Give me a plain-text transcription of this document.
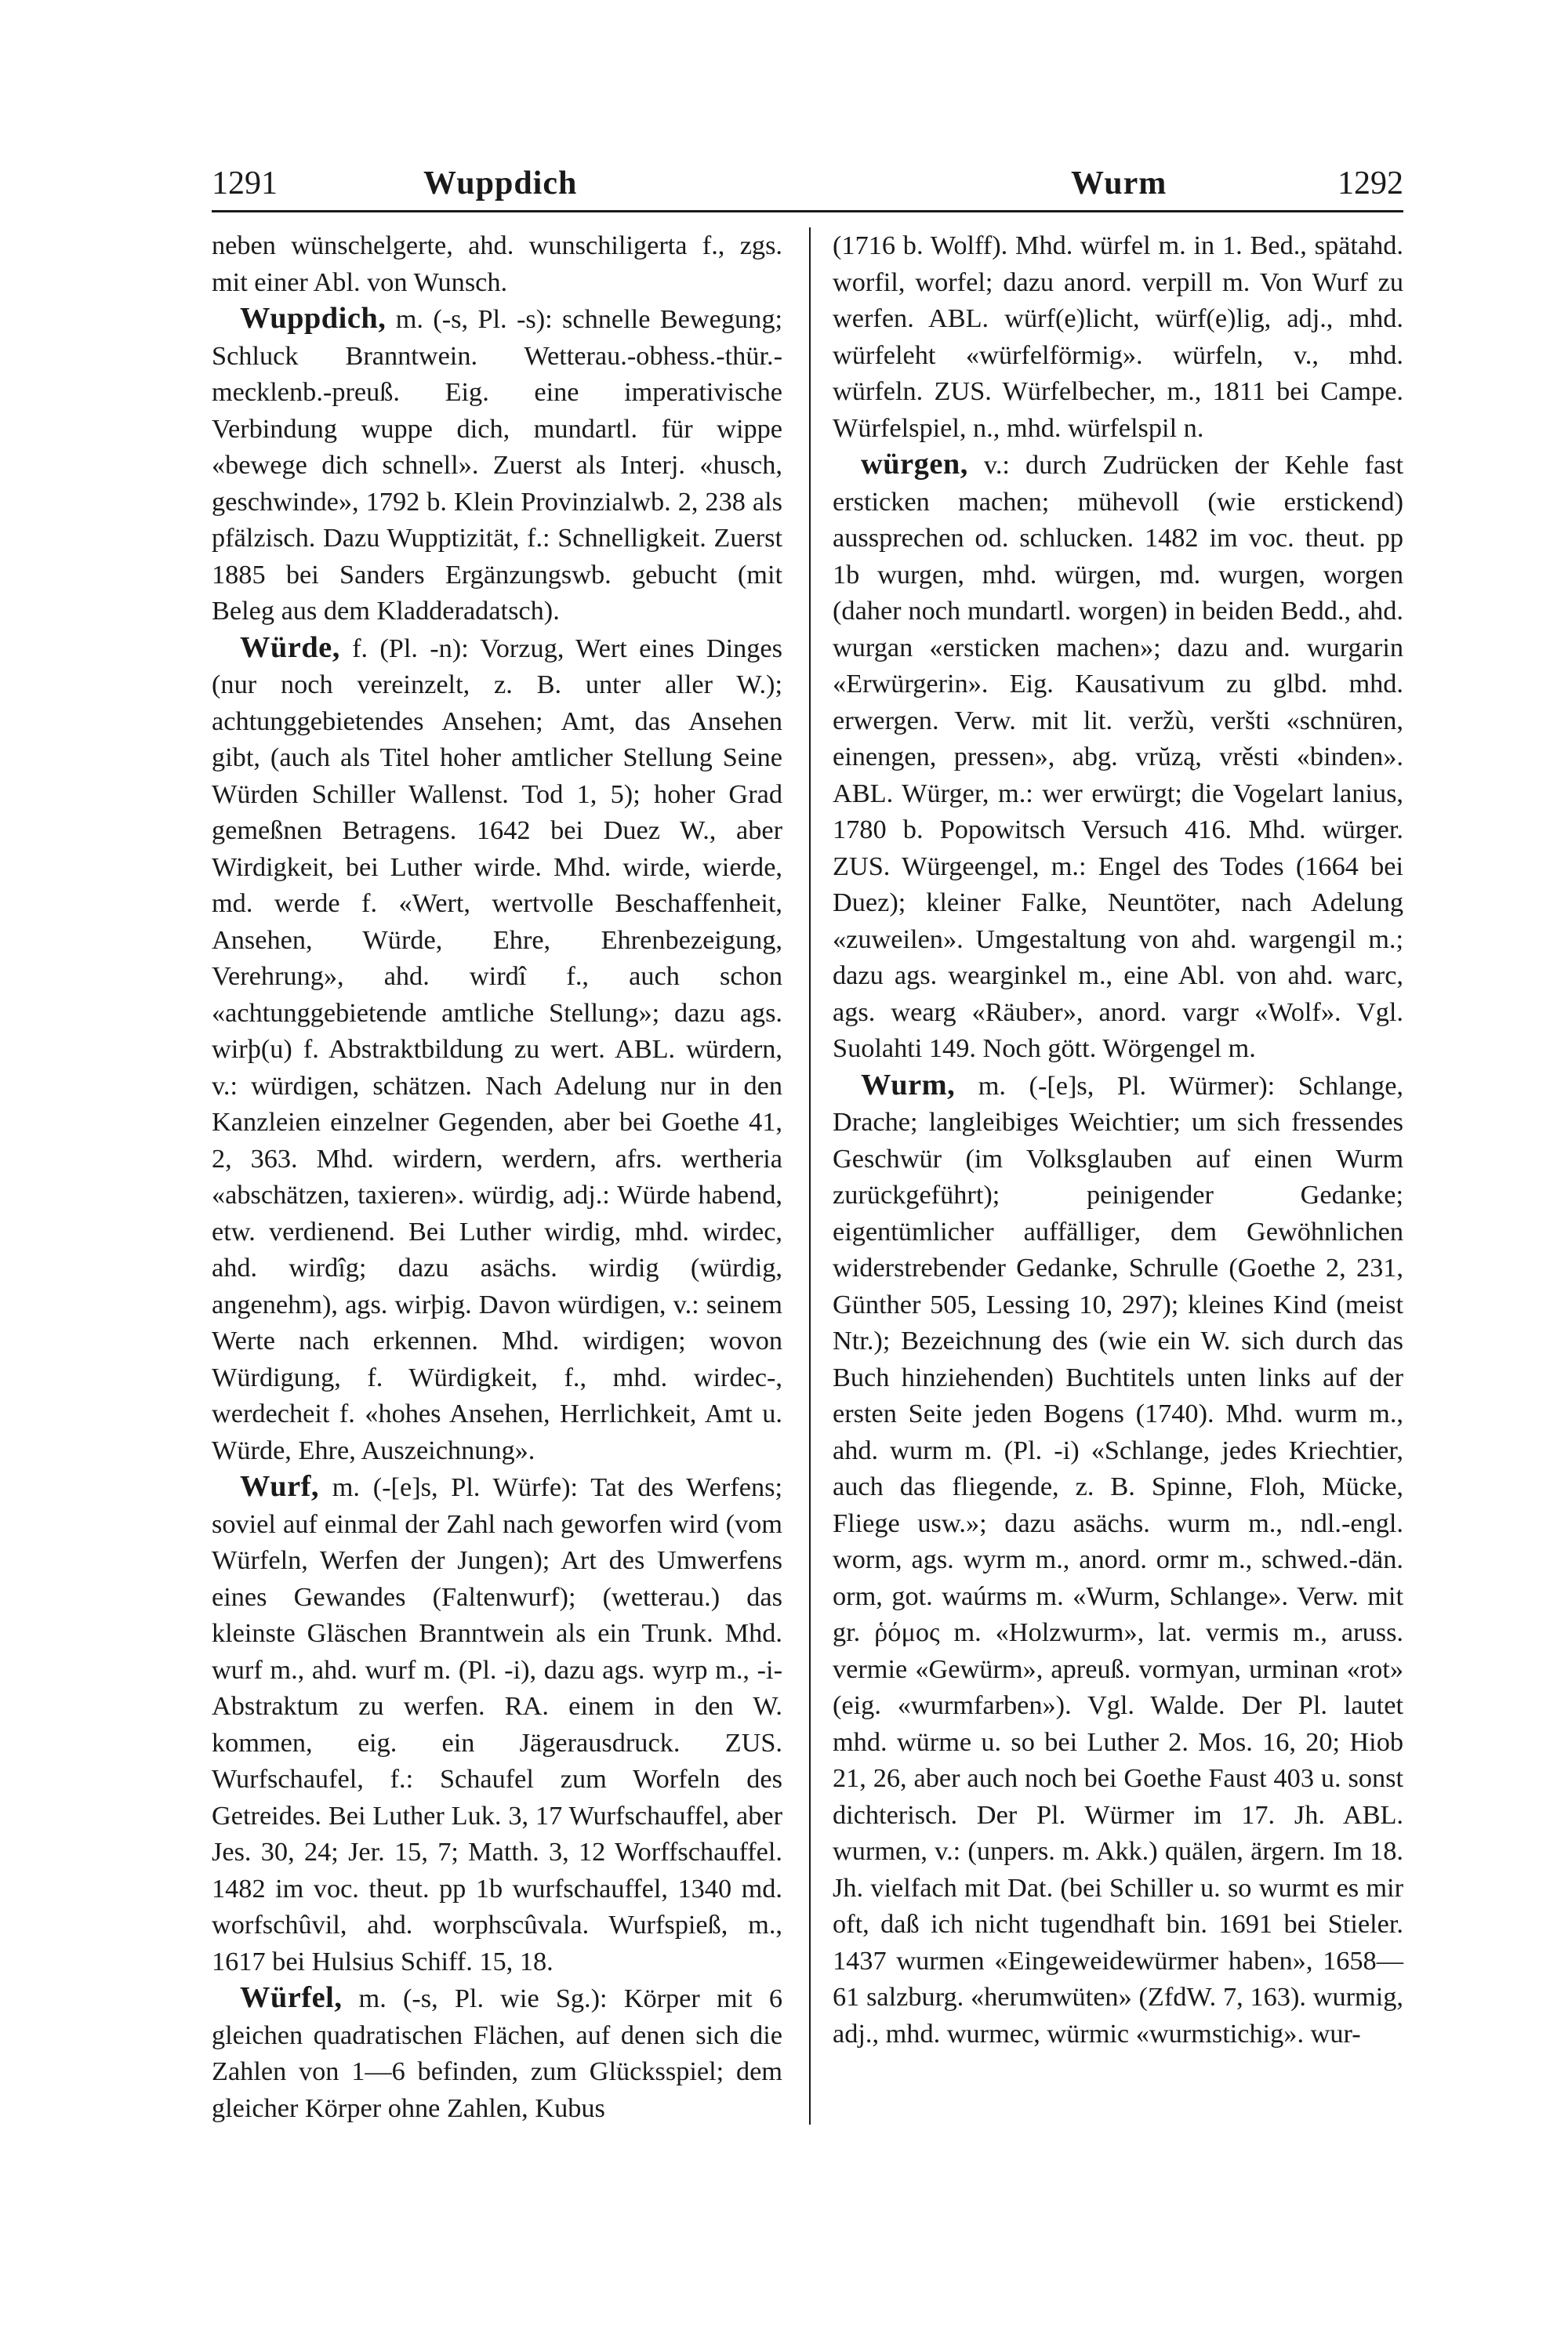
1291	Wuppdich	Wurm	1292

neben wünschelgerte, ahd. wunschiligerta f., zgs. mit einer Abl. von Wunsch.

Wuppdich, m. (-s, Pl. -s): schnelle Bewegung; Schluck Branntwein. Wetterau.-obhess.-thür.-mecklenb.-preuß. Eig. eine imperativische Verbindung wuppe dich, mundartl. für wippe «bewege dich schnell». Zuerst als Interj. «husch, geschwinde», 1792 b. Klein Provinzialwb. 2, 238 als pfälzisch. Dazu Wupptizität, f.: Schnelligkeit. Zuerst 1885 bei Sanders Ergänzungswb. gebucht (mit Beleg aus dem Kladderadatsch).

Würde, f. (Pl. -n): Vorzug, Wert eines Dinges (nur noch vereinzelt, z. B. unter aller W.); achtunggebietendes Ansehen; Amt, das Ansehen gibt, (auch als Titel hoher amtlicher Stellung Seine Würden Schiller Wallenst. Tod 1, 5); hoher Grad gemeßnen Betragens. 1642 bei Duez W., aber Wirdigkeit, bei Luther wirde. Mhd. wirde, wierde, md. werde f. «Wert, wertvolle Beschaffenheit, Ansehen, Würde, Ehre, Ehrenbezeigung, Verehrung», ahd. wirdî f., auch schon «achtunggebietende amtliche Stellung»; dazu ags. wirþ(u) f. Abstraktbildung zu wert. ABL. würdern, v.: würdigen, schätzen. Nach Adelung nur in den Kanzleien einzelner Gegenden, aber bei Goethe 41, 2, 363. Mhd. wirdern, werdern, afrs. wertheria «abschätzen, taxieren». würdig, adj.: Würde habend, etw. verdienend. Bei Luther wirdig, mhd. wirdec, ahd. wirdîg; dazu asächs. wirdig (würdig, angenehm), ags. wirþig. Davon würdigen, v.: seinem Werte nach erkennen. Mhd. wirdigen; wovon Würdigung, f. Würdigkeit, f., mhd. wirdec-, werdecheit f. «hohes Ansehen, Herrlichkeit, Amt u. Würde, Ehre, Auszeichnung».

Wurf, m. (-[e]s, Pl. Würfe): Tat des Werfens; soviel auf einmal der Zahl nach geworfen wird (vom Würfeln, Werfen der Jungen); Art des Umwerfens eines Gewandes (Faltenwurf); (wetterau.) das kleinste Gläschen Branntwein als ein Trunk. Mhd. wurf m., ahd. wurf m. (Pl. -i), dazu ags. wyrp m., -i- Abstraktum zu werfen. RA. einem in den W. kommen, eig. ein Jägerausdruck. ZUS. Wurfschaufel, f.: Schaufel zum Worfeln des Getreides. Bei Luther Luk. 3, 17 Wurfschauffel, aber Jes. 30, 24; Jer. 15, 7; Matth. 3, 12 Worffschauffel. 1482 im voc. theut. pp 1b wurfschauffel, 1340 md. worfschûvil, ahd. worphscûvala. Wurfspieß, m., 1617 bei Hulsius Schiff. 15, 18.

Würfel, m. (-s, Pl. wie Sg.): Körper mit 6 gleichen quadratischen Flächen, auf denen sich die Zahlen von 1—6 befinden, zum Glücksspiel; dem gleicher Körper ohne Zahlen, Kubus

(1716 b. Wolff). Mhd. würfel m. in 1. Bed., spätahd. worfil, worfel; dazu anord. verpill m. Von Wurf zu werfen. ABL. würf(e)licht, würf(e)lig, adj., mhd. würfeleht «würfelförmig». würfeln, v., mhd. würfeln. ZUS. Würfelbecher, m., 1811 bei Campe. Würfelspiel, n., mhd. würfelspil n.

würgen, v.: durch Zudrücken der Kehle fast ersticken machen; mühevoll (wie erstickend) aussprechen od. schlucken. 1482 im voc. theut. pp 1b wurgen, mhd. würgen, md. wurgen, worgen (daher noch mundartl. worgen) in beiden Bedd., ahd. wurgan «ersticken machen»; dazu and. wurgarin «Erwürgerin». Eig. Kausativum zu glbd. mhd. erwergen. Verw. mit lit. veržù, veršti «schnüren, einengen, pressen», abg. vrŭzą, vrěsti «binden». ABL. Würger, m.: wer erwürgt; die Vogelart lanius, 1780 b. Popowitsch Versuch 416. Mhd. würger. ZUS. Würgeengel, m.: Engel des Todes (1664 bei Duez); kleiner Falke, Neuntöter, nach Adelung «zuweilen». Umgestaltung von ahd. wargengil m.; dazu ags. wearginkel m., eine Abl. von ahd. warc, ags. wearg «Räuber», anord. vargr «Wolf». Vgl. Suolahti 149. Noch gött. Wörgengel m.

Wurm, m. (-[e]s, Pl. Würmer): Schlange, Drache; langleibiges Weichtier; um sich fressendes Geschwür (im Volksglauben auf einen Wurm zurückgeführt); peinigender Gedanke; eigentümlicher auffälliger, dem Gewöhnlichen widerstrebender Gedanke, Schrulle (Goethe 2, 231, Günther 505, Lessing 10, 297); kleines Kind (meist Ntr.); Bezeichnung des (wie ein W. sich durch das Buch hinziehenden) Buchtitels unten links auf der ersten Seite jeden Bogens (1740). Mhd. wurm m., ahd. wurm m. (Pl. -i) «Schlange, jedes Kriechtier, auch das fliegende, z. B. Spinne, Floh, Mücke, Fliege usw.»; dazu asächs. wurm m., ndl.-engl. worm, ags. wyrm m., anord. ormr m., schwed.-dän. orm, got. waúrms m. «Wurm, Schlange». Verw. mit gr. ῥόμος m. «Holzwurm», lat. vermis m., aruss. vermie «Gewürm», apreuß. vormyan, urminan «rot» (eig. «wurmfarben»). Vgl. Walde. Der Pl. lautet mhd. würme u. so bei Luther 2. Mos. 16, 20; Hiob 21, 26, aber auch noch bei Goethe Faust 403 u. sonst dichterisch. Der Pl. Würmer im 17. Jh. ABL. wurmen, v.: (unpers. m. Akk.) quälen, ärgern. Im 18. Jh. vielfach mit Dat. (bei Schiller u. so wurmt es mir oft, daß ich nicht tugendhaft bin. 1691 bei Stieler. 1437 wurmen «Eingeweidewürmer haben», 1658—61 salzburg. «herumwüten» (ZfdW. 7, 163). wurmig, adj., mhd. wurmec, würmic «wurmstichig». wur-
